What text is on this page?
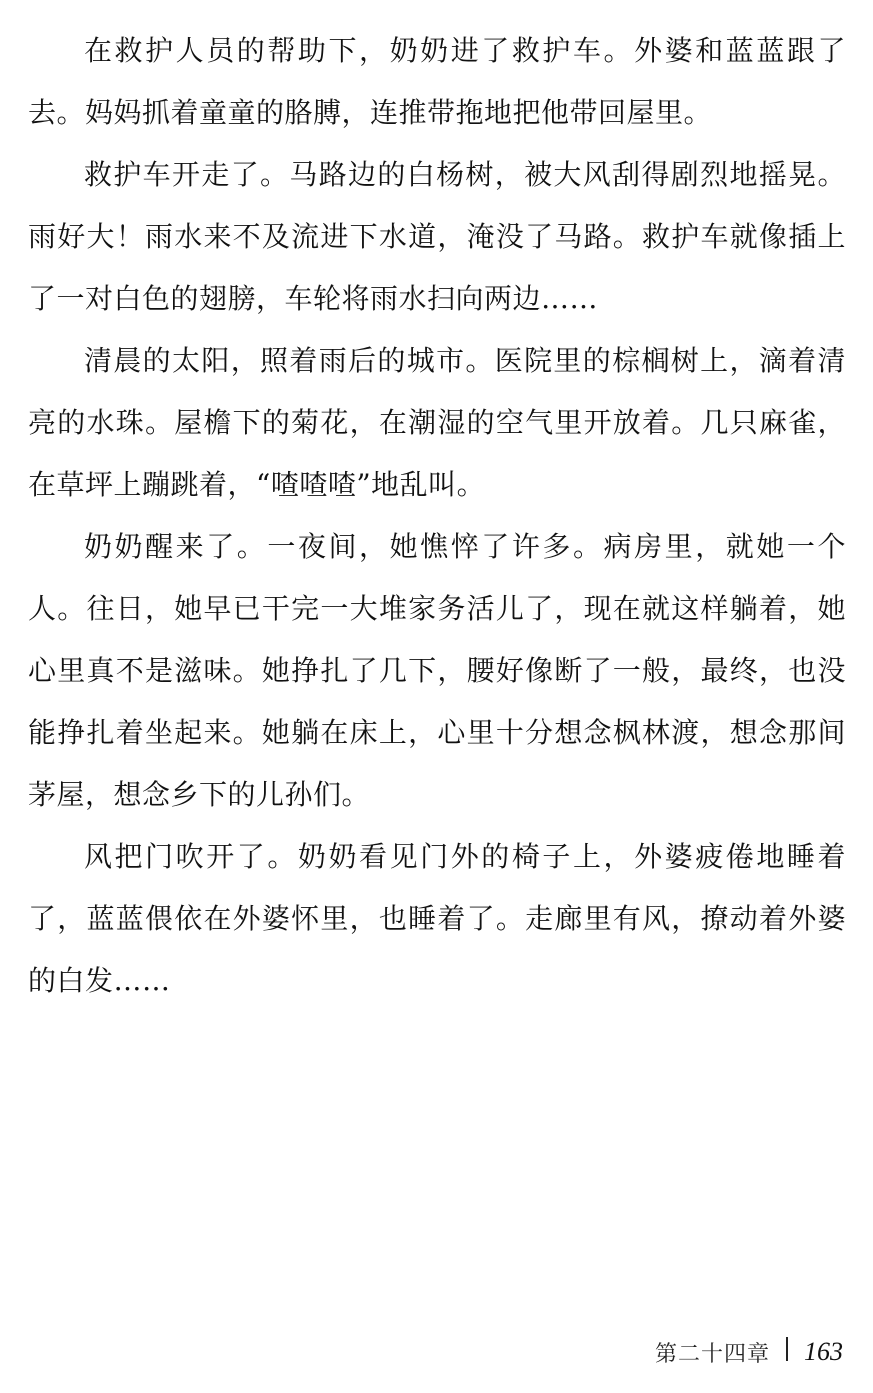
在救护人员的帮助下，奶奶进了救护车。外婆和蓝蓝跟了去。妈妈抓着童童的胳膊，连推带拖地把他带回屋里。

救护车开走了。马路边的白杨树，被大风刮得剧烈地摇晃。雨好大！雨水来不及流进下水道，淹没了马路。救护车就像插上了一对白色的翅膀，车轮将雨水扫向两边……

清晨的太阳，照着雨后的城市。医院里的棕榈树上，滴着清亮的水珠。屋檐下的菊花，在潮湿的空气里开放着。几只麻雀，在草坪上蹦跳着，“喳喳喳”地乱叫。

奶奶醒来了。一夜间，她憔悴了许多。病房里，就她一个人。往日，她早已干完一大堆家务活儿了，现在就这样躺着，她心里真不是滋味。她挣扎了几下，腰好像断了一般，最终，也没能挣扎着坐起来。她躺在床上，心里十分想念枫林渡，想念那间茅屋，想念乡下的儿孙们。

风把门吹开了。奶奶看见门外的椅子上，外婆疲倦地睡着了，蓝蓝偎依在外婆怀里，也睡着了。走廊里有风，撩动着外婆的白发……

第二十四章 163
